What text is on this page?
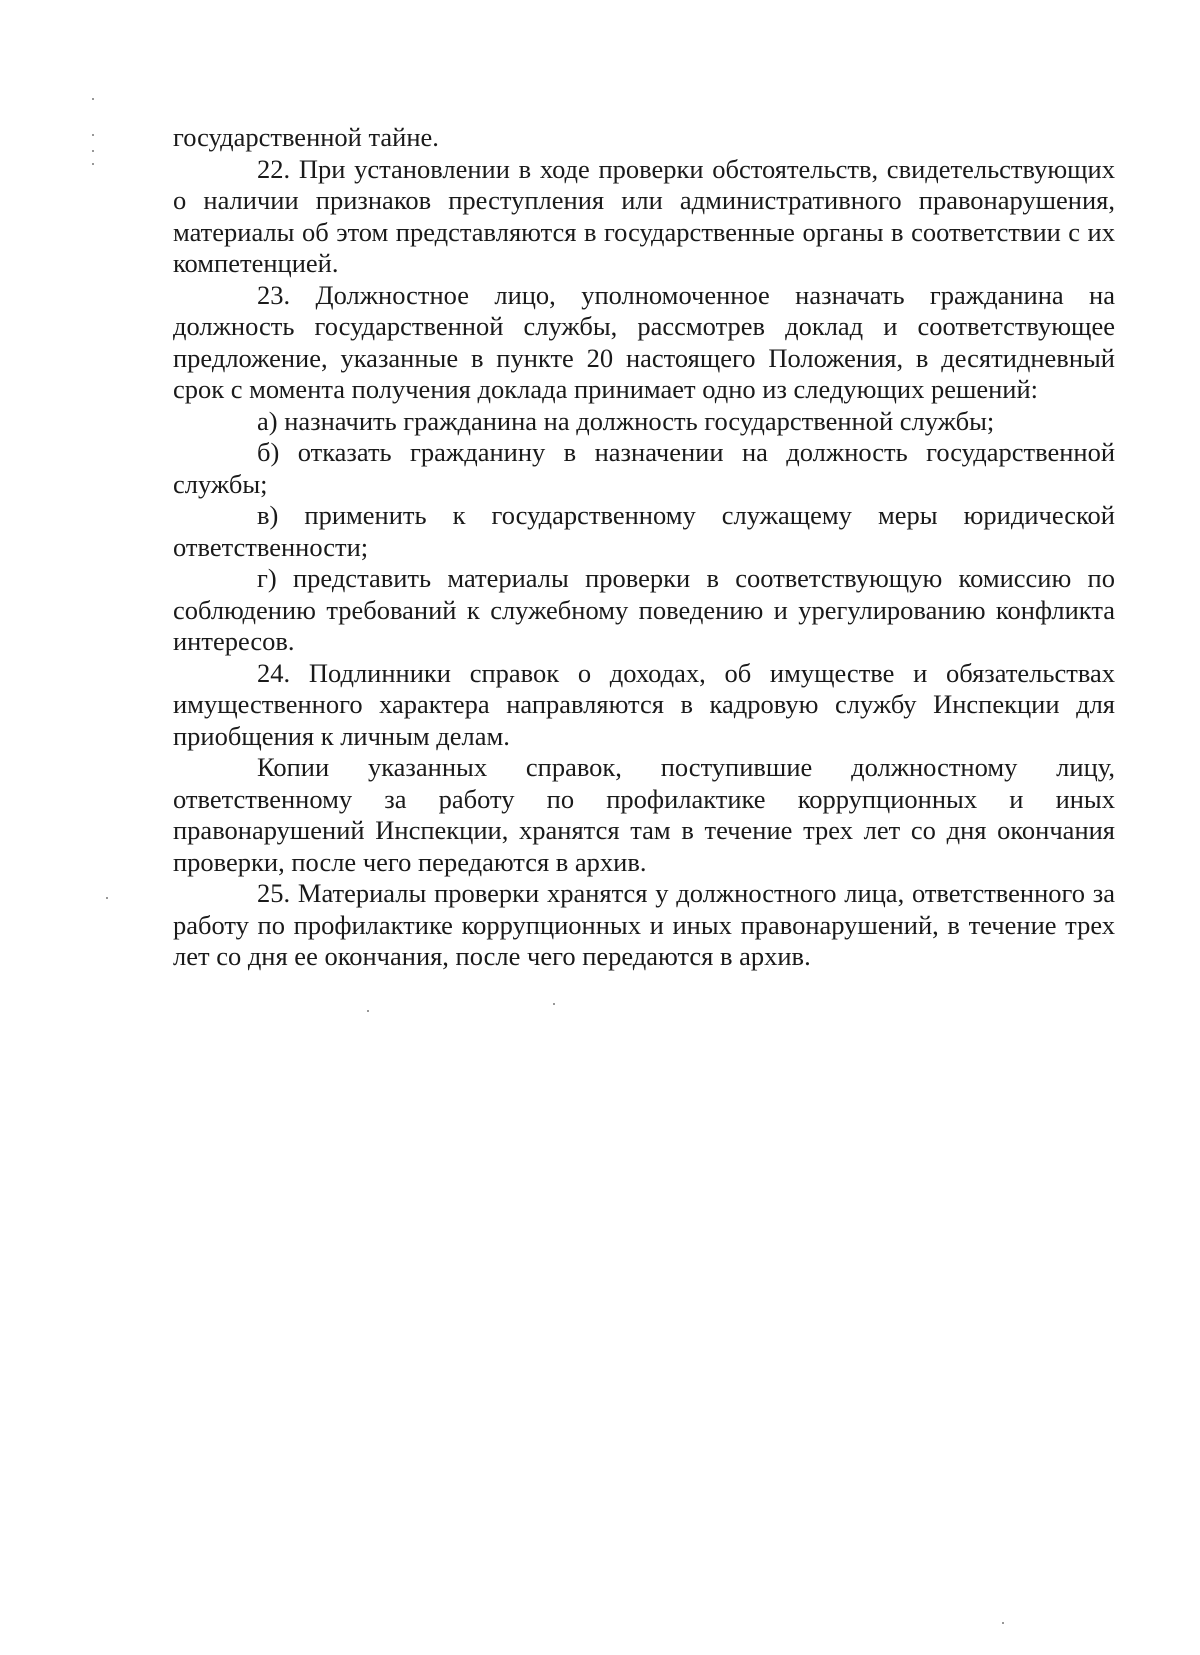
государственной тайне.

22. При установлении в ходе проверки обстоятельств, свидетельствующих о наличии признаков преступления или административного правонарушения, материалы об этом представляются в государственные органы в соответствии с их компетенцией.

23. Должностное лицо, уполномоченное назначать гражданина на должность государственной службы, рассмотрев доклад и соответствующее предложение, указанные в пункте 20 настоящего Положения, в десятидневный срок с момента получения доклада принимает одно из следующих решений:

а) назначить гражданина на должность государственной службы;

б) отказать гражданину в назначении на должность государственной службы;

в) применить к государственному служащему меры юридической ответственности;

г) представить материалы проверки в соответствующую комиссию по соблюдению требований к служебному поведению и урегулированию конфликта интересов.

24. Подлинники справок о доходах, об имуществе и обязательствах имущественного характера направляются в кадровую службу Инспекции для приобщения к личным делам.

Копии указанных справок, поступившие должностному лицу, ответственному за работу по профилактике коррупционных и иных правонарушений Инспекции, хранятся там в течение трех лет со дня окончания проверки, после чего передаются в архив.

25. Материалы проверки хранятся у должностного лица, ответственного за работу по профилактике коррупционных и иных правонарушений, в течение трех лет со дня ее окончания, после чего передаются в архив.
